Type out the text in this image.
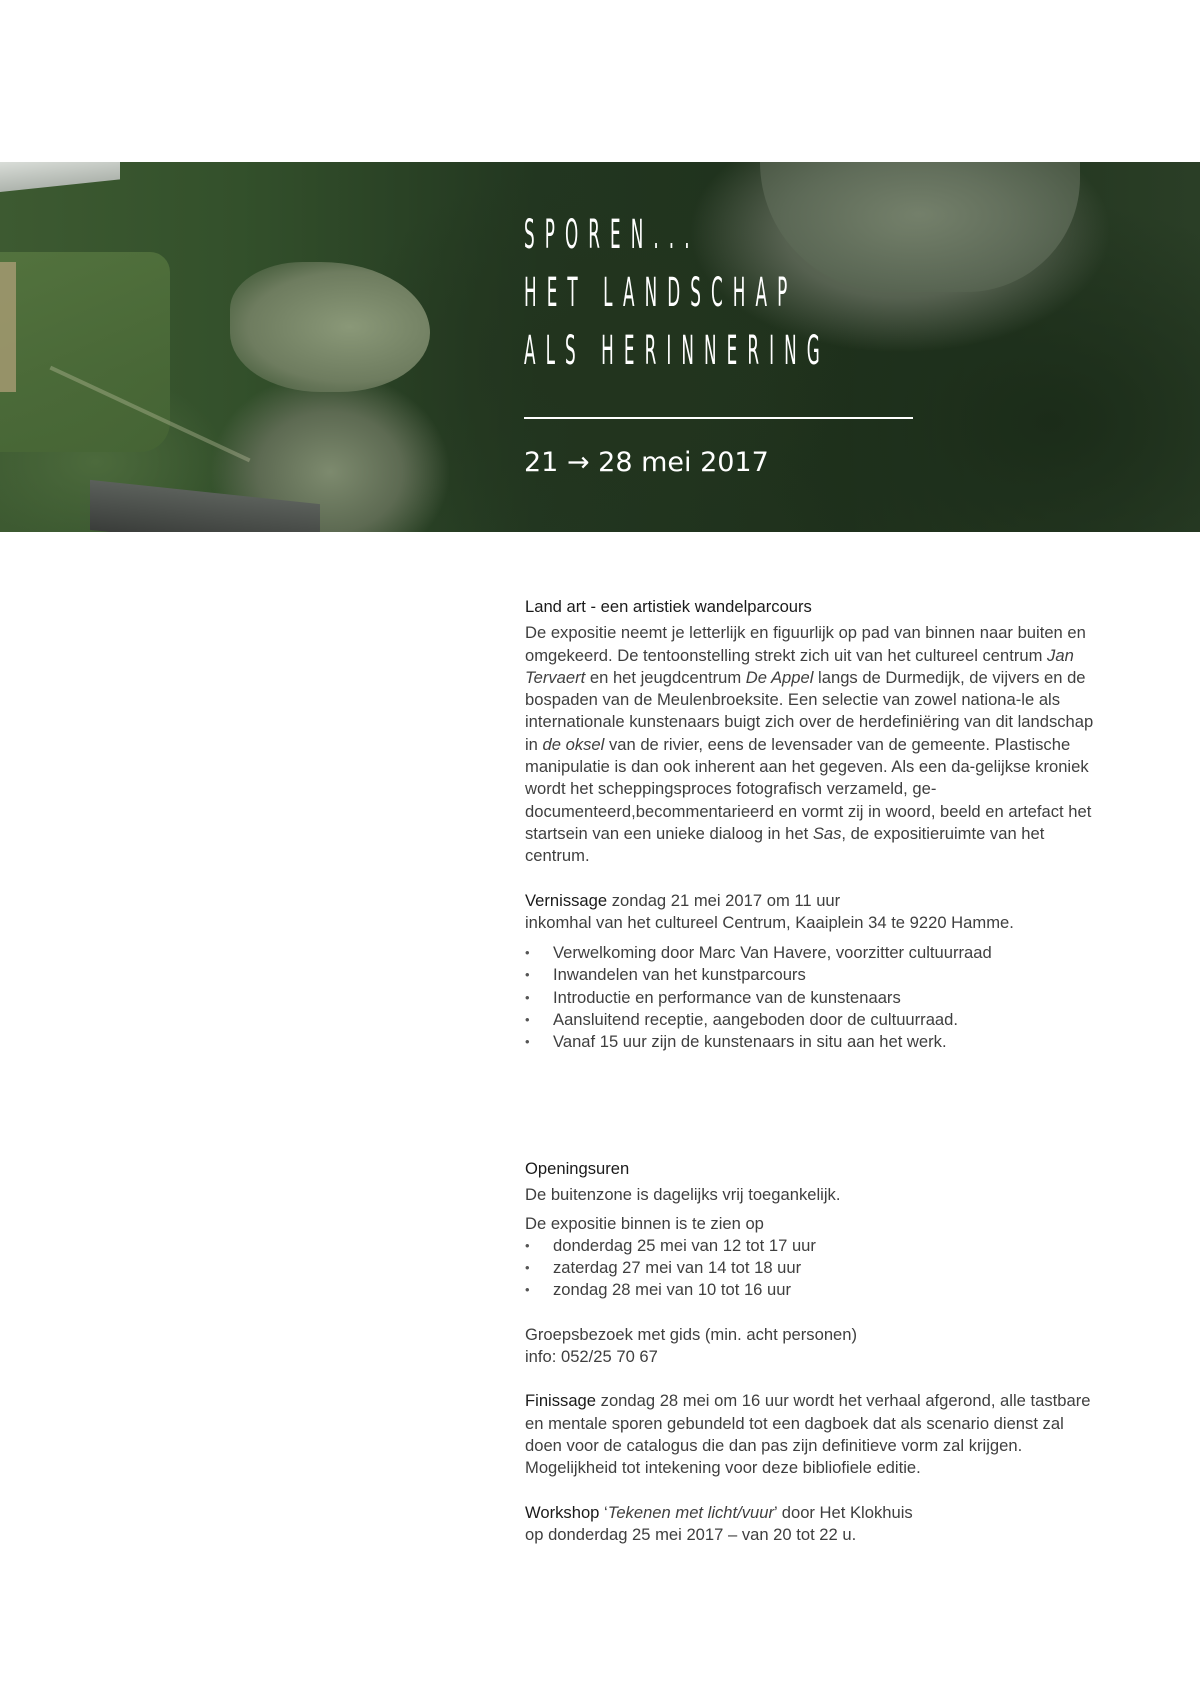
SPOREN...
HET LANDSCHAP
ALS HERINNERING
21 → 28 mei 2017
Land art - een artistiek wandelparcours

De expositie neemt je letterlijk en figuurlijk op pad van binnen naar buiten en omgekeerd. De tentoonstelling strekt zich uit van het cultureel centrum Jan Tervaert en het jeugdcentrum De Appel langs de Durmedijk, de vijvers en de bospaden van de Meulenbroeksite. Een selectie van zowel nationa-le als internationale kunstenaars buigt zich over de herdefiniëring van dit landschap in de oksel van de rivier, eens de levensader van de gemeente. Plastische manipulatie is dan ook inherent aan het gegeven. Als een da-gelijkse kroniek wordt het scheppingsproces fotografisch verzameld, ge-documenteerd,becommentarieerd en vormt zij in woord, beeld en artefact het startsein van een unieke dialoog in het Sas, de expositieruimte van het centrum.

Vernissage zondag 21 mei 2017 om 11 uur

inkomhal van het cultureel Centrum, Kaaiplein 34 te 9220 Hamme.

• Verwelkoming door Marc Van Havere, voorzitter cultuurraad
• Inwandelen van het kunstparcours
• Introductie en performance van de kunstenaars
• Aansluitend receptie, aangeboden door de cultuurraad.
• Vanaf 15 uur zijn de kunstenaars in situ aan het werk.
Openingsuren

De buitenzone is dagelijks vrij toegankelijk.

De expositie binnen is te zien op

• donderdag 25 mei van 12 tot 17 uur
• zaterdag 27 mei van 14 tot 18 uur
• zondag 28 mei van 10 tot 16 uur

Groepsbezoek met gids (min. acht personen)

info: 052/25 70 67

Finissage zondag 28 mei om 16 uur wordt het verhaal afgerond, alle tastbare en mentale sporen gebundeld tot een dagboek dat als scenario dienst zal doen voor de catalogus die dan pas zijn definitieve vorm zal krijgen. Mogelijkheid tot intekening voor deze bibliofiele editie.

Workshop ‘Tekenen met licht/vuur’ door Het Klokhuis

op donderdag 25 mei 2017 – van 20 tot 22 u.
